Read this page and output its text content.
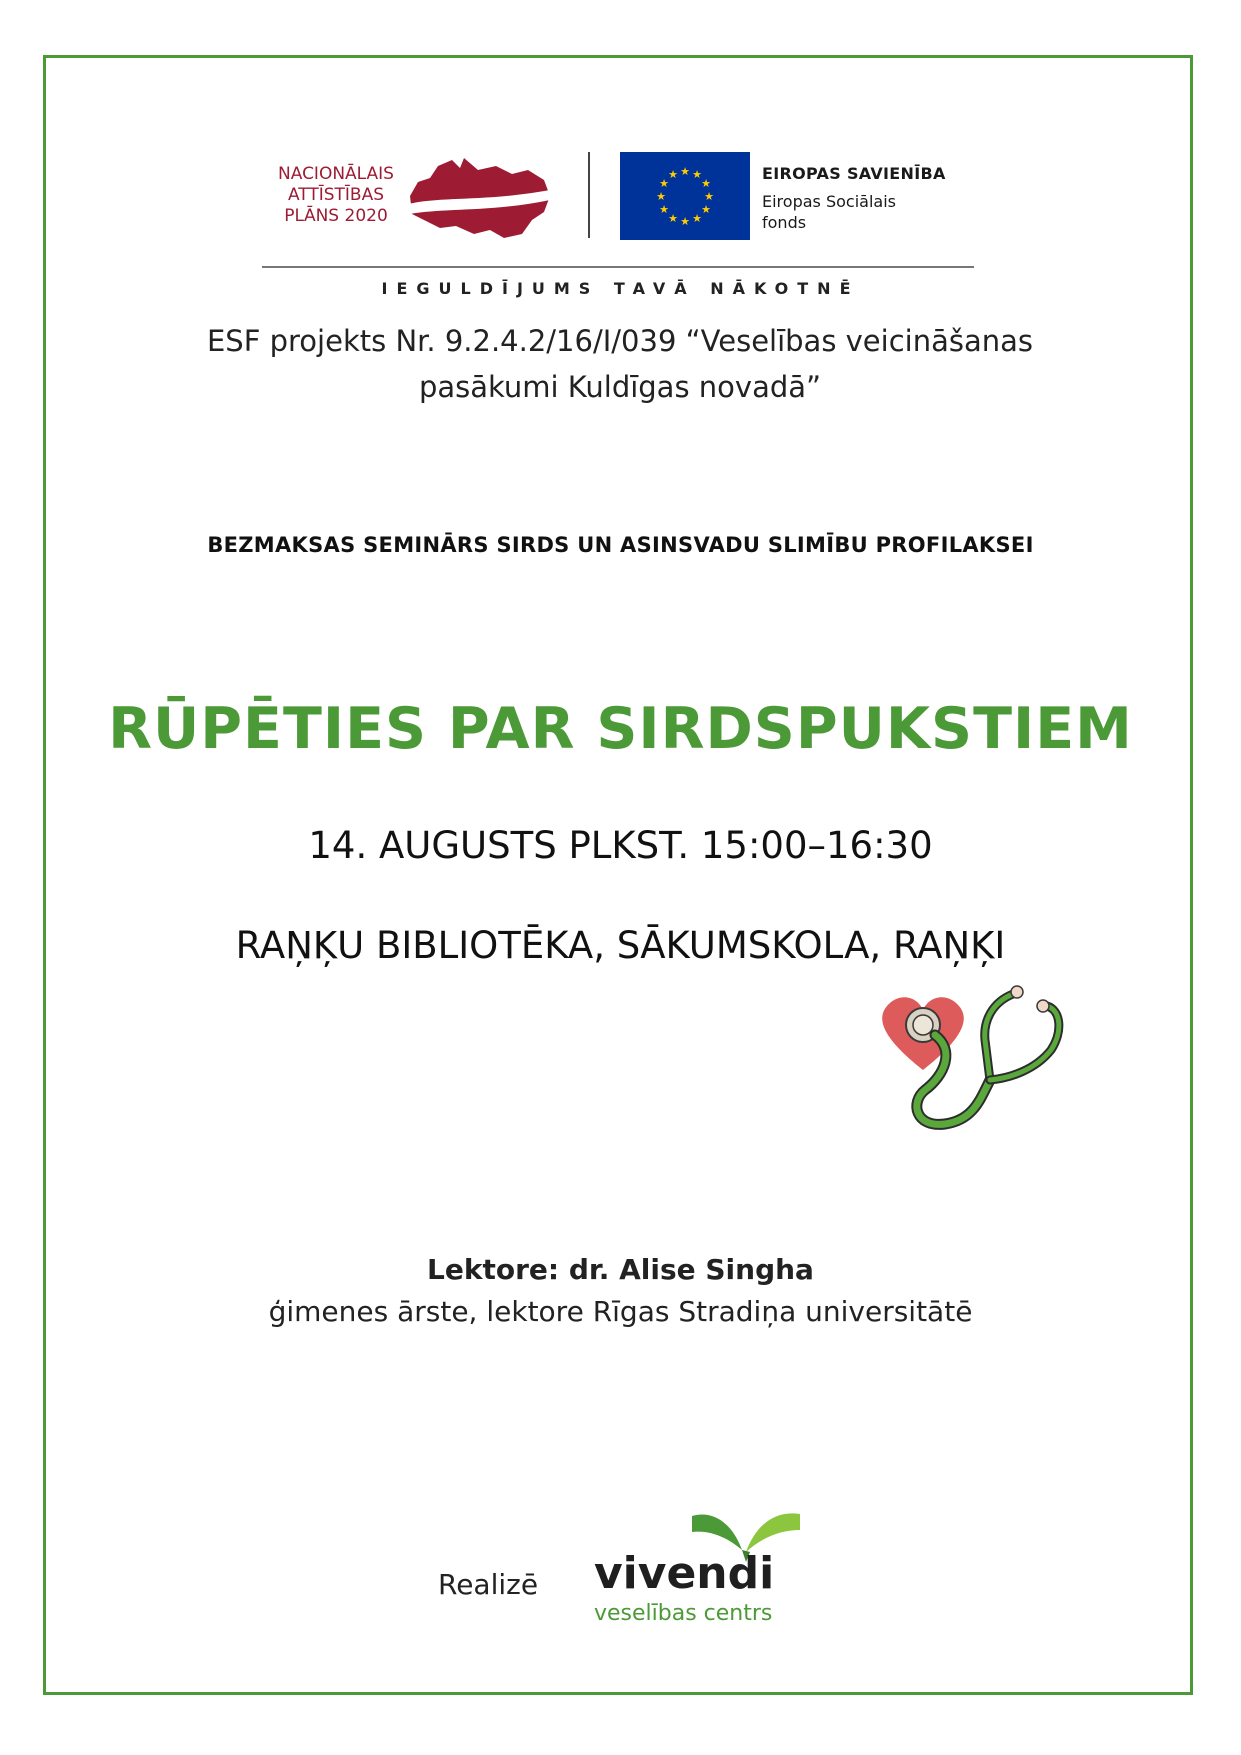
NACIONĀLAIS
ATTĪSTĪBAS
PLĀNS 2020
★ ★
★
★
★
★
★
★
★
★
★
★	EIROPAS SAVIENĪBA
Eiropas Sociālais
fonds
IEGULDĪJUMS TAVĀ NĀKOTNĒ
ESF projekts Nr. 9.2.4.2/16/I/039 “Veselības veicināšanas
pasākumi Kuldīgas novadā”
BEZMAKSAS SEMINĀRS SIRDS UN ASINSVADU SLIMĪBU PROFILAKSEI
RŪPĒTIES PAR SIRDSPUKSTIEM
14. AUGUSTS PLKST. 15:00–16:30
RAŅĶU BIBLIOTĒKA, SĀKUMSKOLA, RAŅĶI
Lektore: dr. Alise Singha
ģimenes ārste, lektore Rīgas Stradiņa universitātē
Realizē vivendi
veselības centrs
